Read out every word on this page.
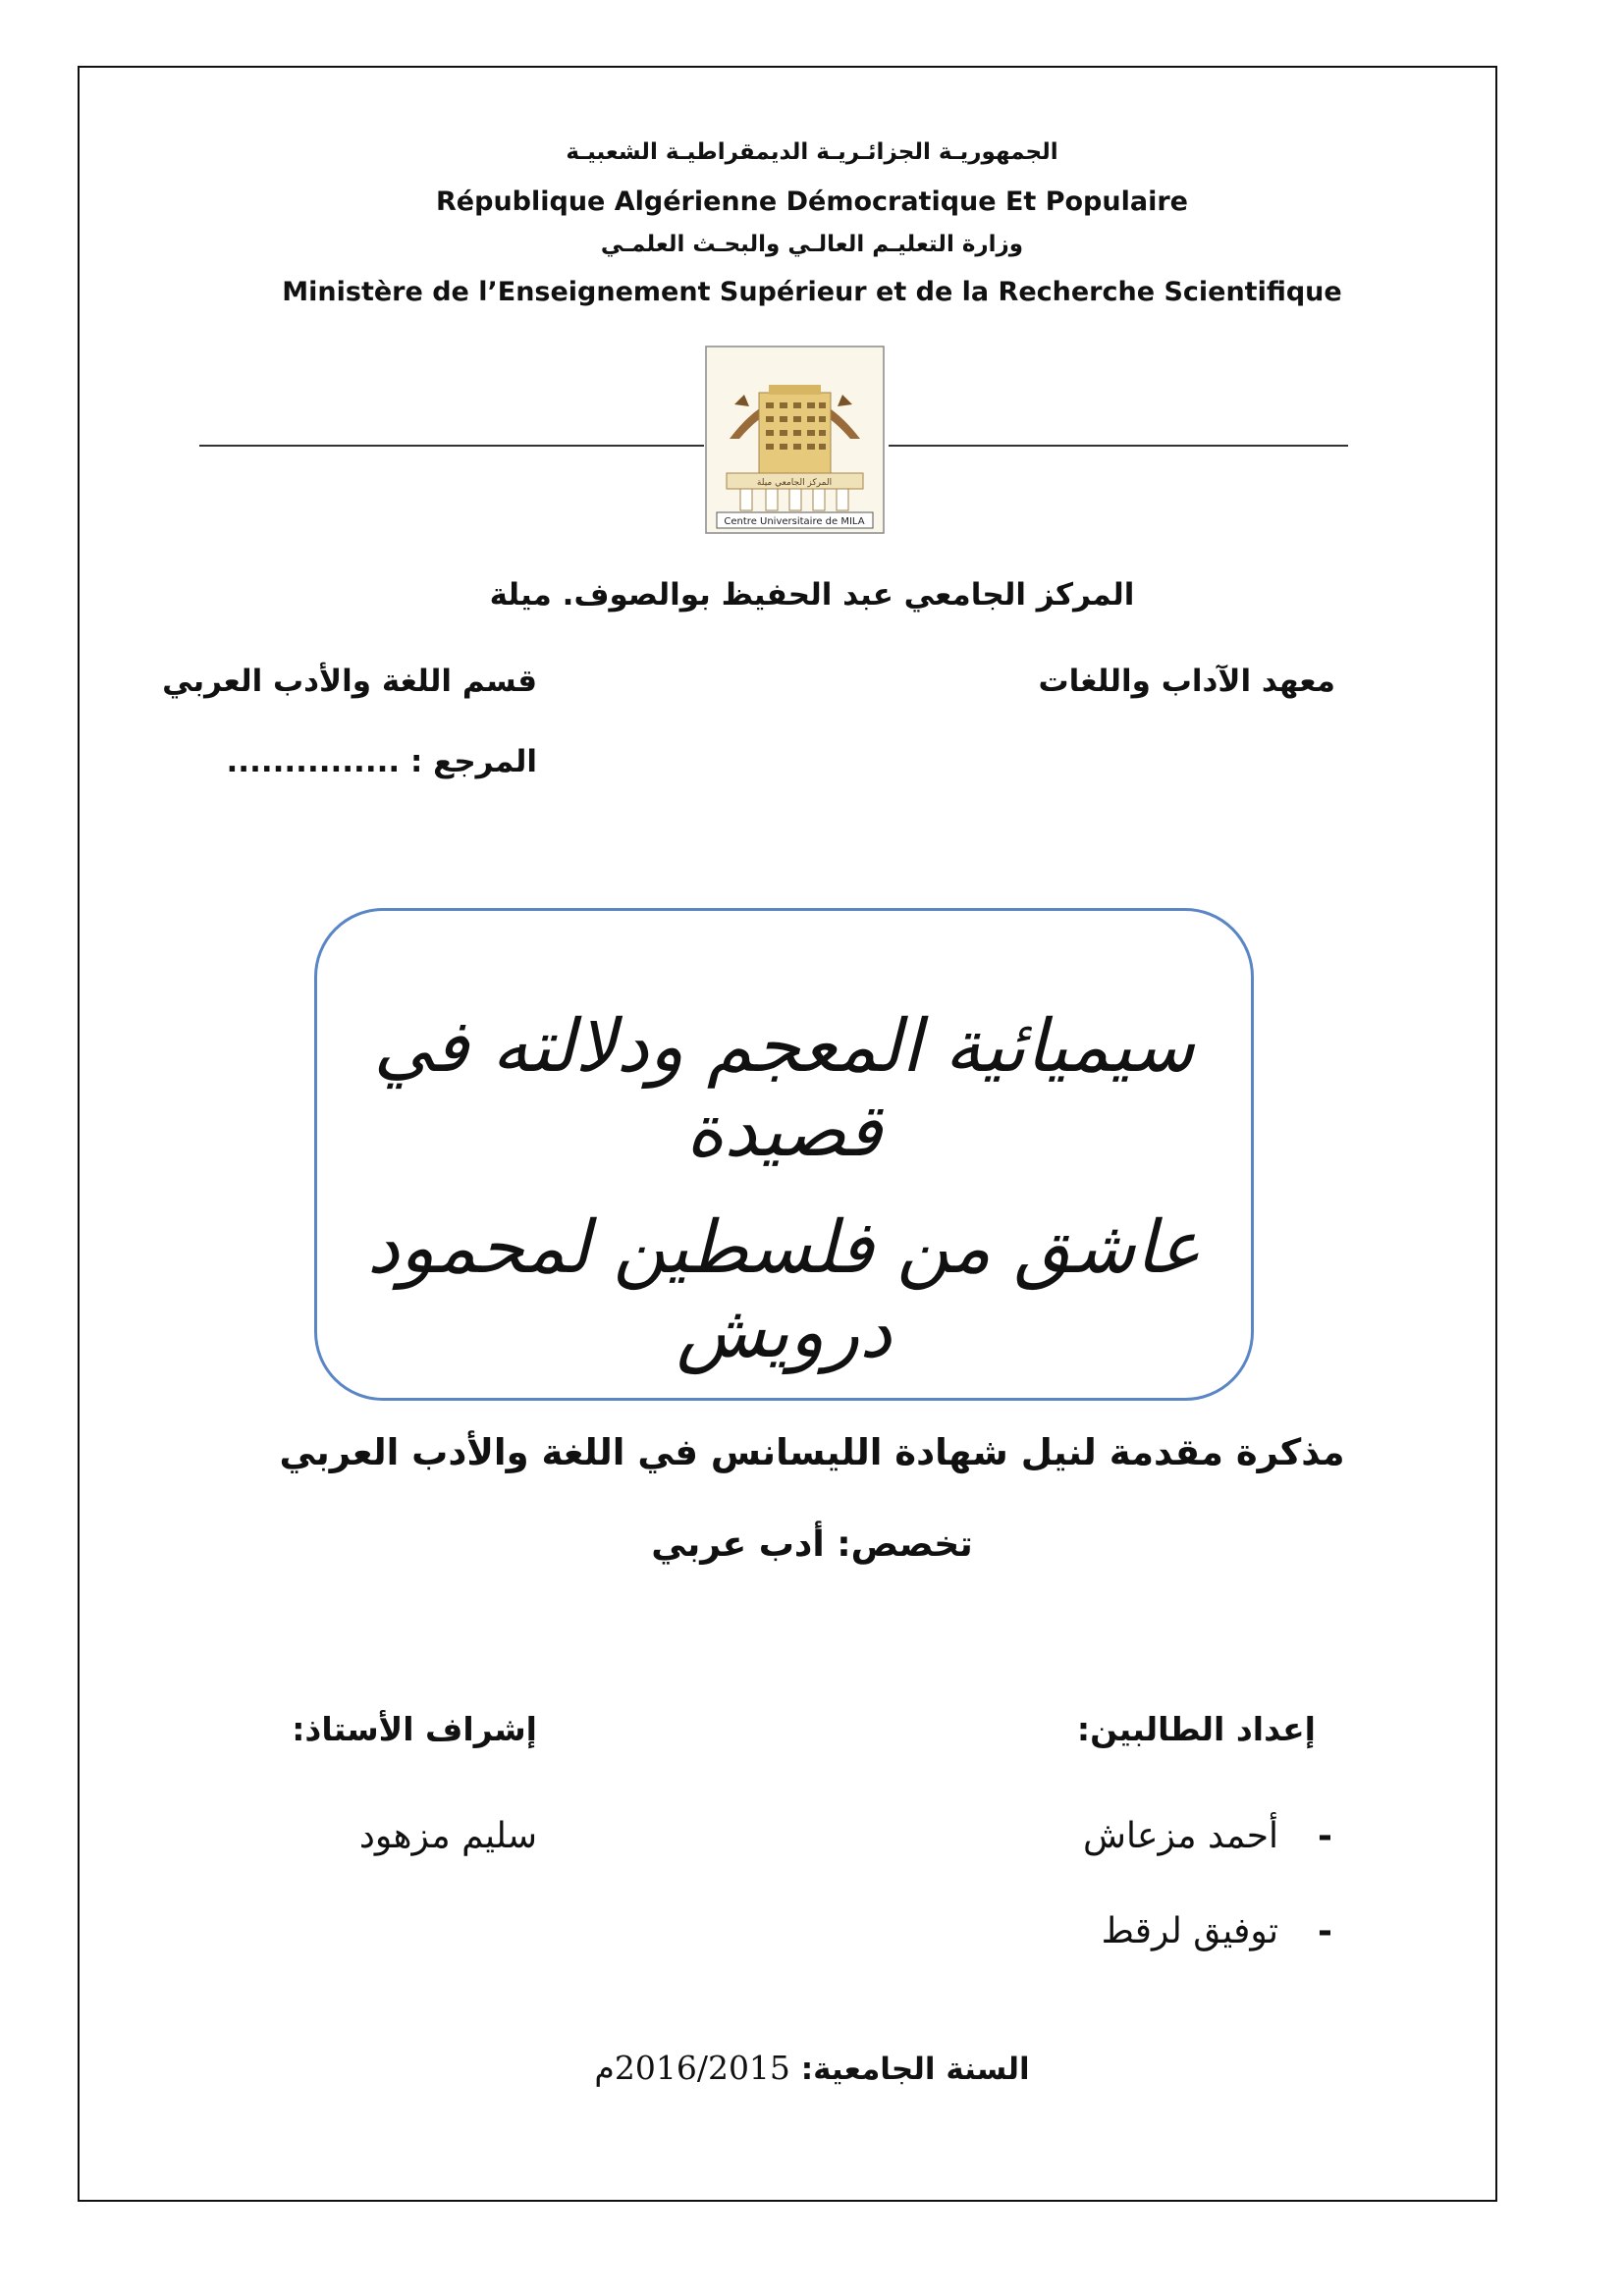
الجمهوريـة الجزائـريـة الديمقراطيـة الشعبيـة
République Algérienne Démocratique Et Populaire
وزارة التعليـم العالـي والبحـث العلمـي
Ministère de l’Enseignement Supérieur et de la Recherche Scientifique
المركز الجامعي ميلة
Centre Universitaire de MILA
المركز الجامعي عبد الحفيظ بوالصوف. ميلة
معهد الآداب واللغات
قسم اللغة والأدب العربي
المرجع : ...............
سيميائية المعجم ودلالته في قصيدة
عاشق من فلسطين لمحمود درويش
مذكرة مقدمة لنيل شهادة الليسانس في اللغة والأدب العربي
تخصص: أدب عربي
إعداد الطالبين:
إشراف الأستاذ:
-
أحمد مزعاش
-
توفيق لرقط
سليم مزهود
السنة الجامعية: 2016/2015م
